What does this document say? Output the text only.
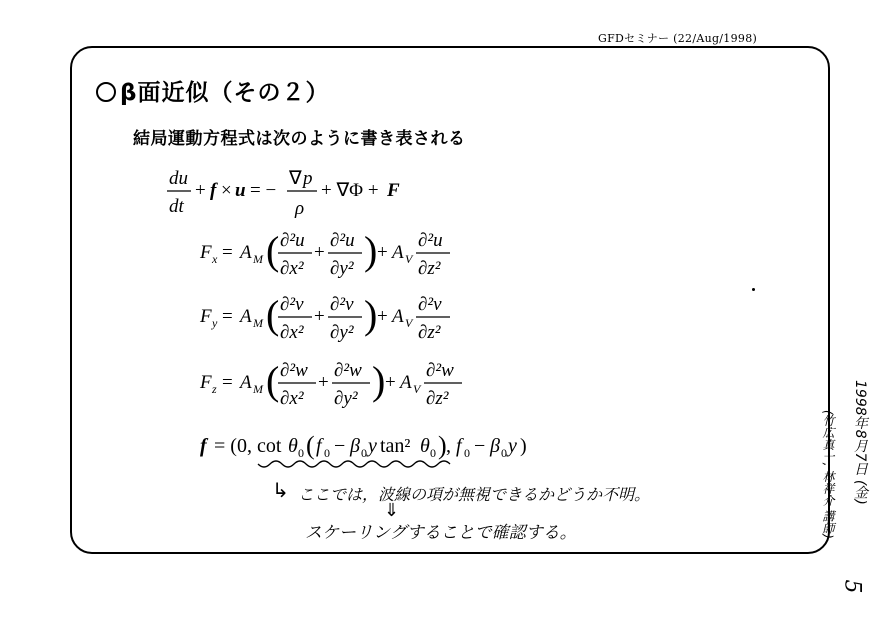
GFDセミナー (22/Aug/1998)
β面近似（その２）
結局運動方程式は次のように書き表される
du
dt
+ f × u = −
∇ p
ρ
+ ∇Φ + F
F x = A M ( ∂²u
∂x²
+
∂²u
∂y² ) + A V
∂²u
∂z²
F y = A M ( ∂²v
∂x²
+
∂²v
∂y² ) + A V
∂²v
∂z²
F z = A M ( ∂²w
∂x²
+
∂²w
∂y² ) + A V
∂²w
∂z²
f = (0, cot θ 0 ( f 0 − β 0 y tan² θ 0 ) , f 0 − β 0 y )
↳ ここでは，波線の項が無視できるかどうか不明。
⇓
スケーリングすることで確認する。
1998年8月7日 (金)
(竹広真一, 林祥介 講師)
5
